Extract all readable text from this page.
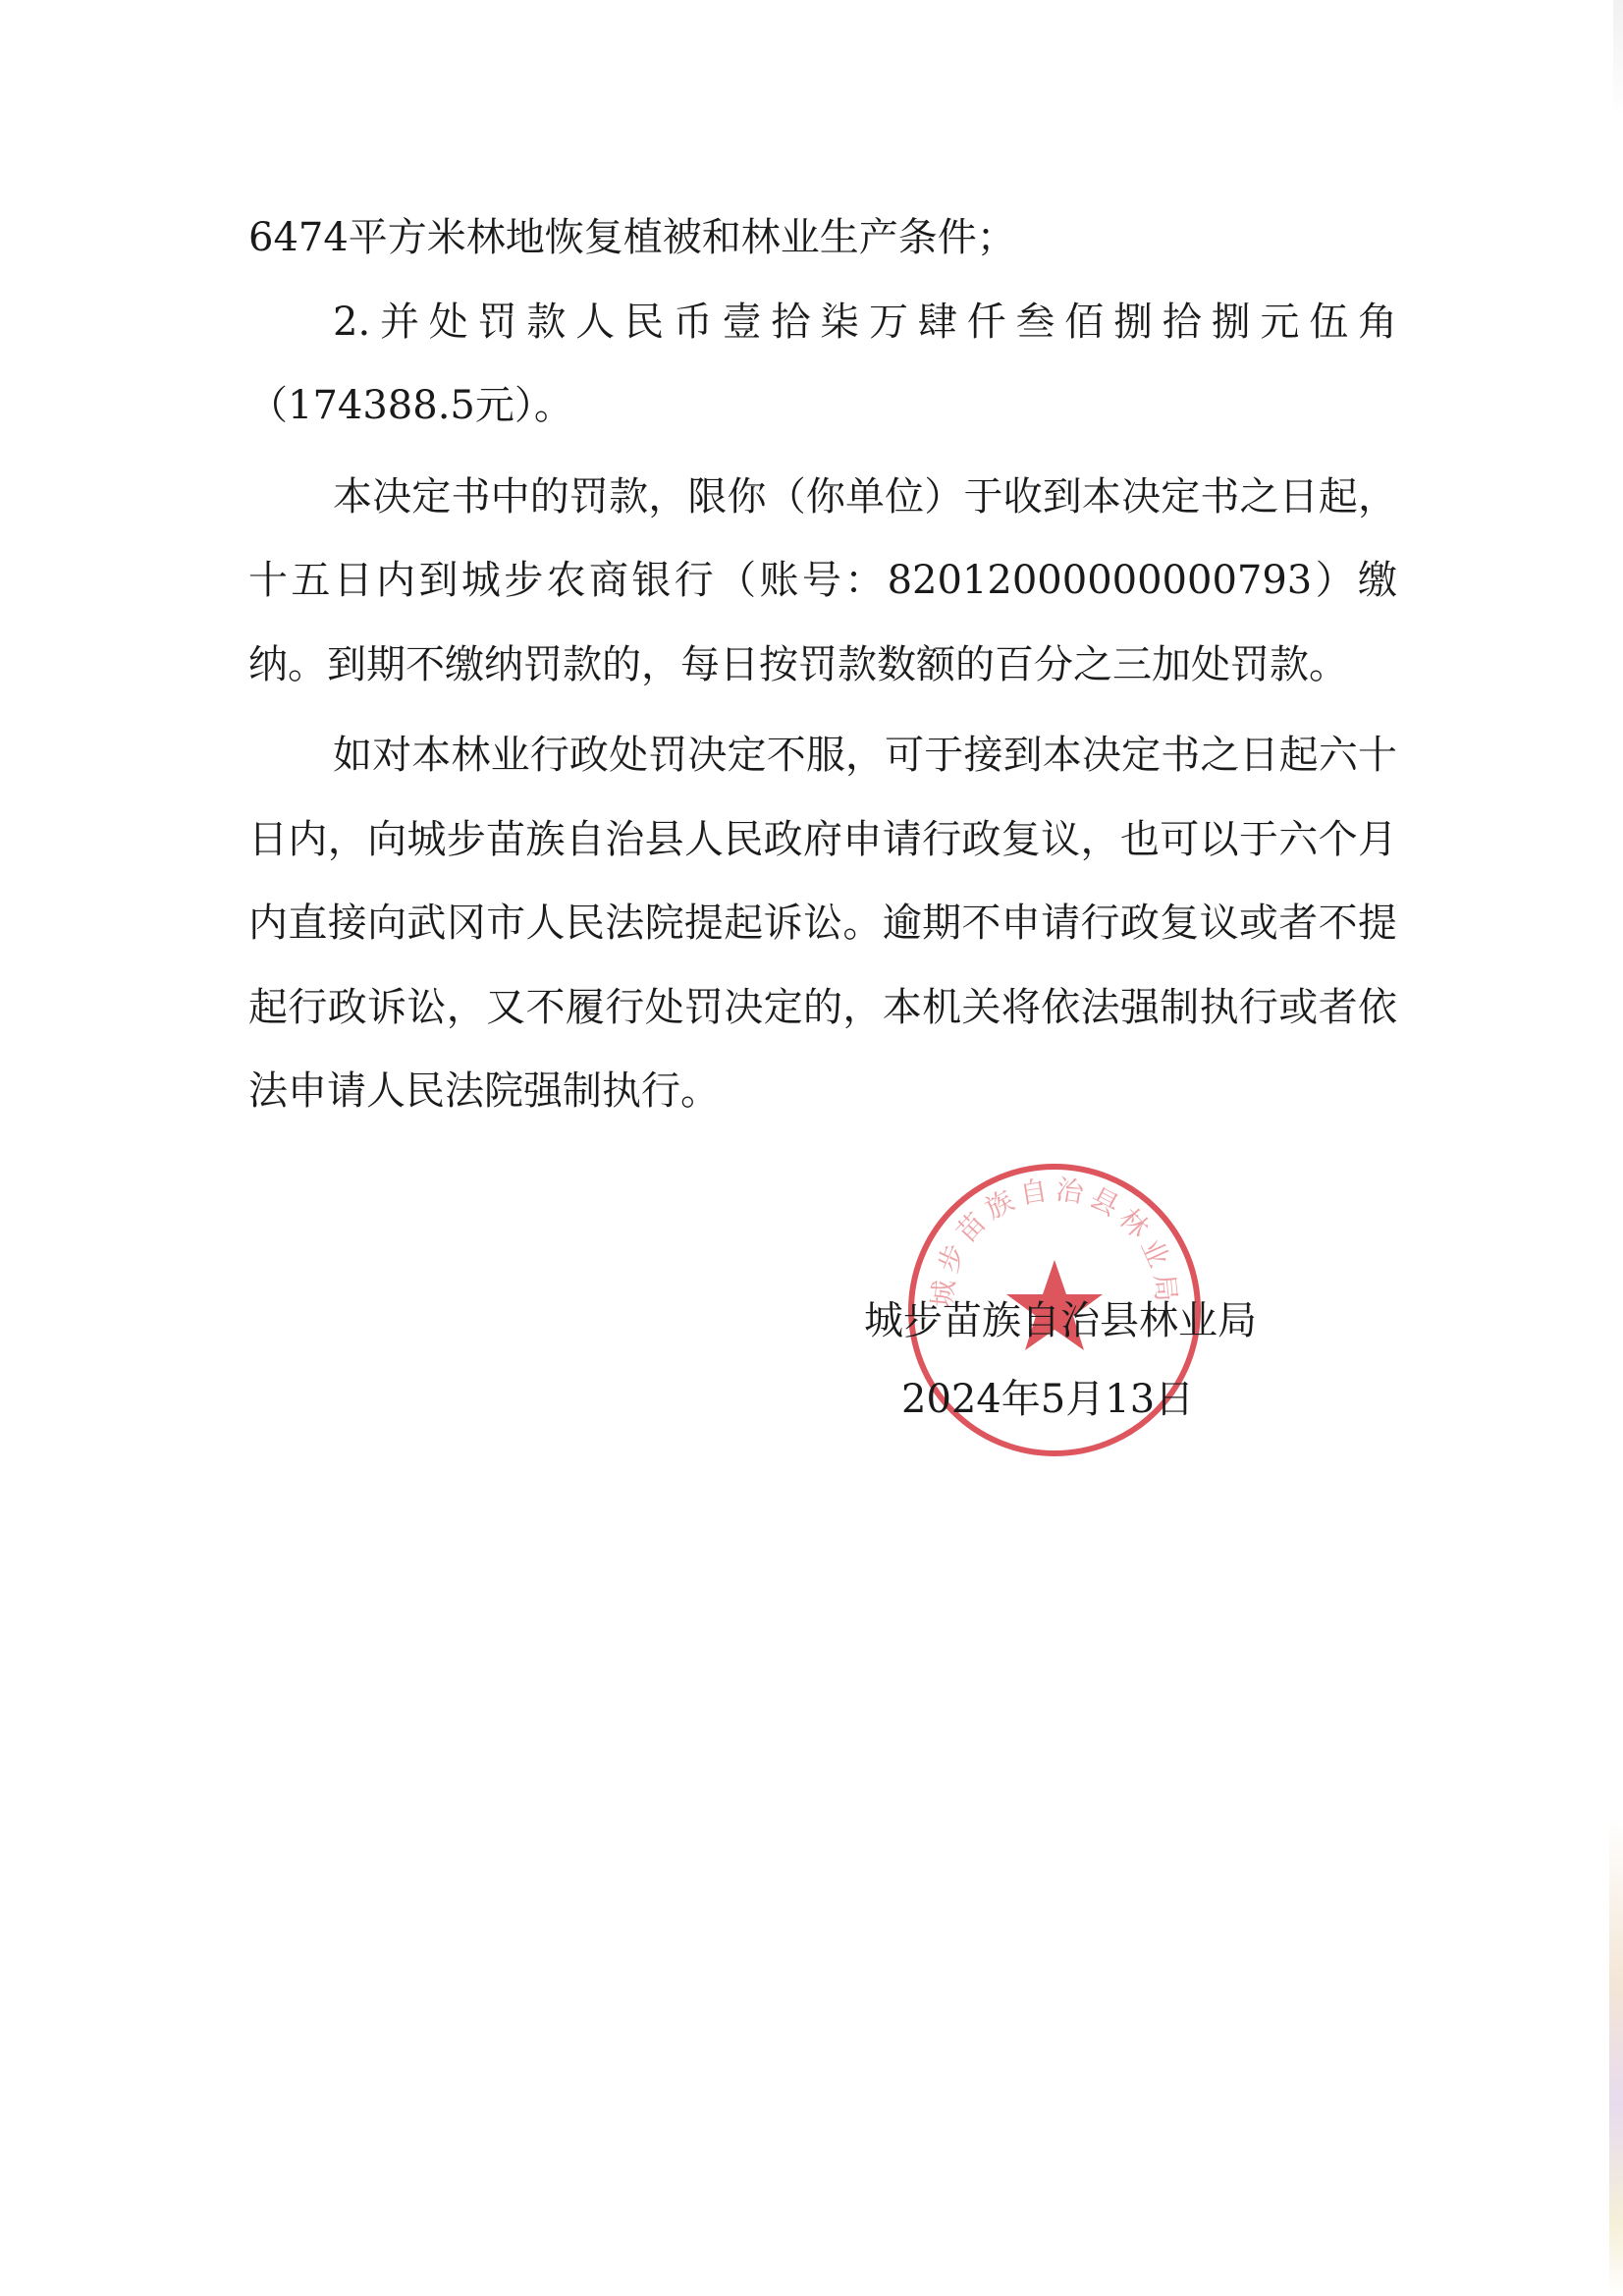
6474平方米林地恢复植被和林业生产条件；

2.并处罚款人民币壹拾柒万肆仟叁佰捌拾捌元伍角（174388.5元）。

本决定书中的罚款，限你（你单位）于收到本决定书之日起，十五日内到城步农商银行（账号：82012000000000793）缴纳。到期不缴纳罚款的，每日按罚款数额的百分之三加处罚款。

如对本林业行政处罚决定不服，可于接到本决定书之日起六十日内，向城步苗族自治县人民政府申请行政复议，也可以于六个月内直接向武冈市人民法院提起诉讼。逾期不申请行政复议或者不提起行政诉讼，又不履行处罚决定的，本机关将依法强制执行或者依法申请人民法院强制执行。

城步苗族自治县林业局
城步苗族自治县林业局
2024年5月13日
